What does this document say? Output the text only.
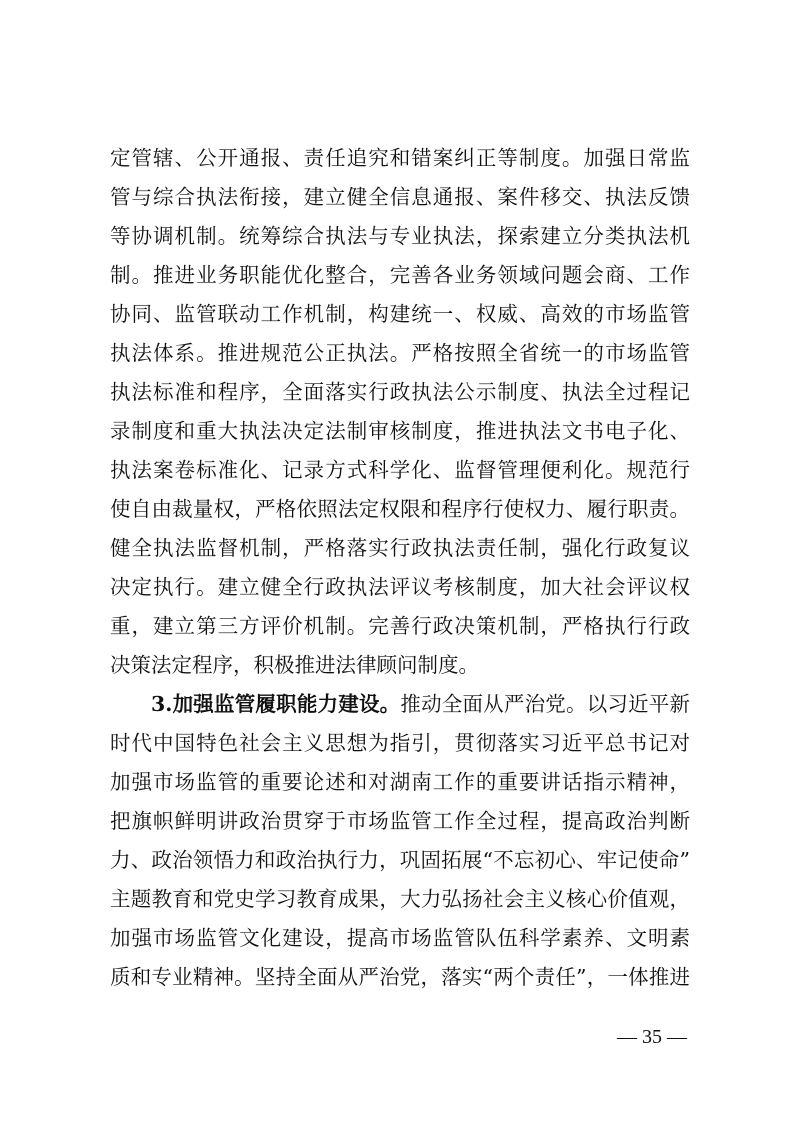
定管辖、公开通报、责任追究和错案纠正等制度。加强日常监
管与综合执法衔接，建立健全信息通报、案件移交、执法反馈
等协调机制。统筹综合执法与专业执法，探索建立分类执法机
制。推进业务职能优化整合，完善各业务领域问题会商、工作
协同、监管联动工作机制，构建统一、权威、高效的市场监管
执法体系。推进规范公正执法。严格按照全省统一的市场监管
执法标准和程序，全面落实行政执法公示制度、执法全过程记
录制度和重大执法决定法制审核制度，推进执法文书电子化、
执法案卷标准化、记录方式科学化、监督管理便利化。规范行
使自由裁量权，严格依照法定权限和程序行使权力、履行职责。
健全执法监督机制，严格落实行政执法责任制，强化行政复议
决定执行。建立健全行政执法评议考核制度，加大社会评议权
重，建立第三方评价机制。完善行政决策机制，严格执行行政
决策法定程序，积极推进法律顾问制度。
3.加强监管履职能力建设。推动全面从严治党。以习近平新
时代中国特色社会主义思想为指引，贯彻落实习近平总书记对
加强市场监管的重要论述和对湖南工作的重要讲话指示精神，
把旗帜鲜明讲政治贯穿于市场监管工作全过程，提高政治判断
力、政治领悟力和政治执行力，巩固拓展“不忘初心、牢记使命”
主题教育和党史学习教育成果，大力弘扬社会主义核心价值观，
加强市场监管文化建设，提高市场监管队伍科学素养、文明素
质和专业精神。坚持全面从严治党，落实“两个责任”，一体推进
— 35 —
